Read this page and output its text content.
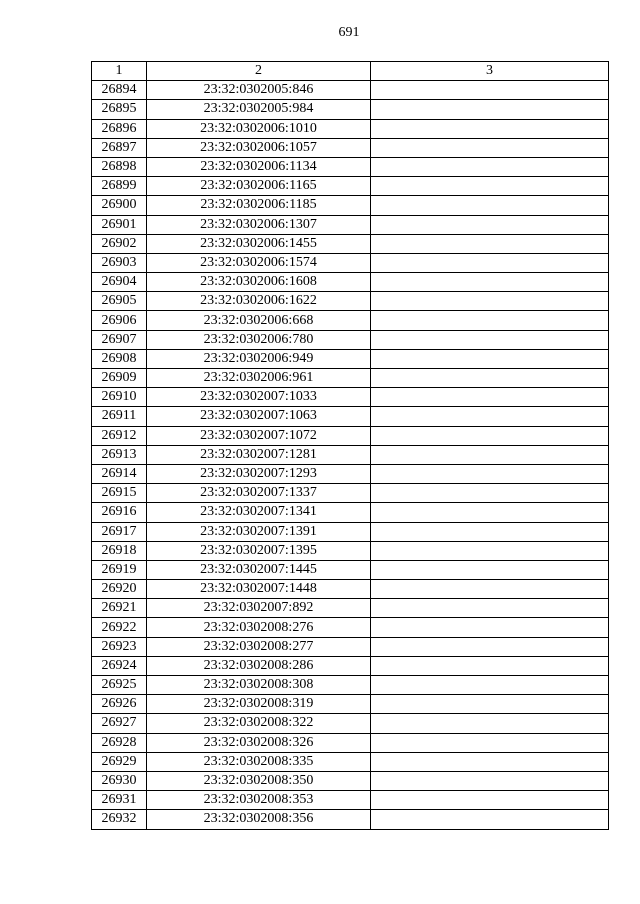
691
1	2	3
26894	23:32:0302005:846	
26895	23:32:0302005:984	
26896	23:32:0302006:1010	
26897	23:32:0302006:1057	
26898	23:32:0302006:1134	
26899	23:32:0302006:1165	
26900	23:32:0302006:1185	
26901	23:32:0302006:1307	
26902	23:32:0302006:1455	
26903	23:32:0302006:1574	
26904	23:32:0302006:1608	
26905	23:32:0302006:1622	
26906	23:32:0302006:668	
26907	23:32:0302006:780	
26908	23:32:0302006:949	
26909	23:32:0302006:961	
26910	23:32:0302007:1033	
26911	23:32:0302007:1063	
26912	23:32:0302007:1072	
26913	23:32:0302007:1281	
26914	23:32:0302007:1293	
26915	23:32:0302007:1337	
26916	23:32:0302007:1341	
26917	23:32:0302007:1391	
26918	23:32:0302007:1395	
26919	23:32:0302007:1445	
26920	23:32:0302007:1448	
26921	23:32:0302007:892	
26922	23:32:0302008:276	
26923	23:32:0302008:277	
26924	23:32:0302008:286	
26925	23:32:0302008:308	
26926	23:32:0302008:319	
26927	23:32:0302008:322	
26928	23:32:0302008:326	
26929	23:32:0302008:335	
26930	23:32:0302008:350	
26931	23:32:0302008:353	
26932	23:32:0302008:356	
